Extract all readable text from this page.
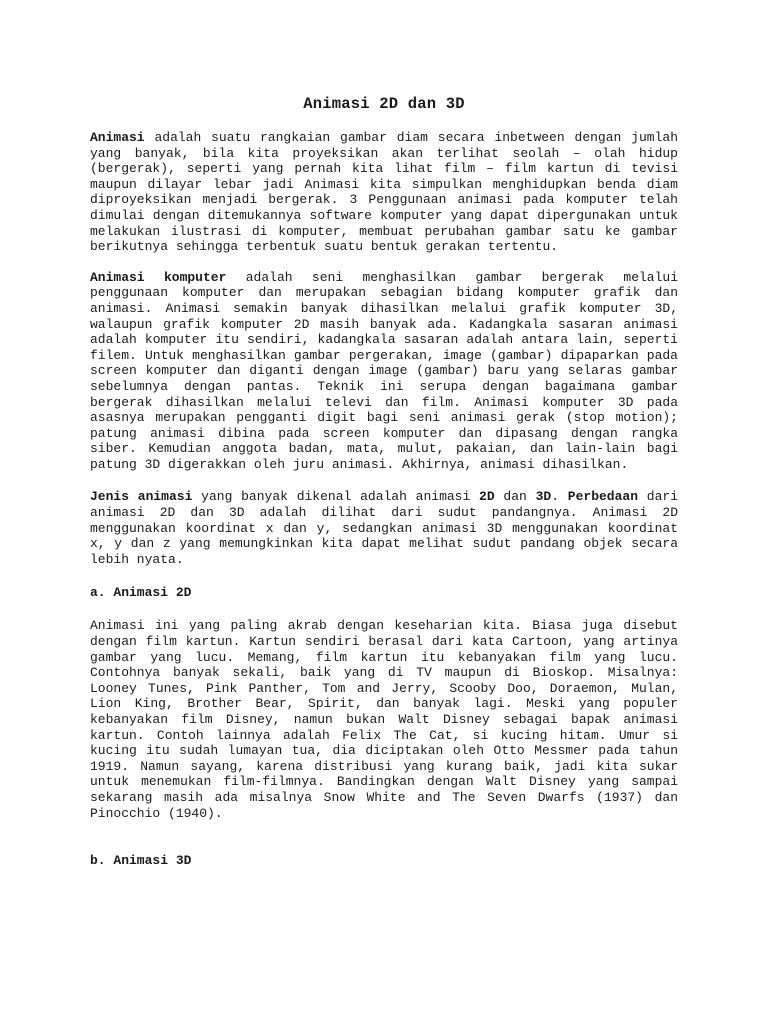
Animasi 2D dan 3D

Animasi adalah suatu rangkaian gambar diam secara inbetween dengan jumlah yang banyak, bila kita proyeksikan akan terlihat seolah – olah hidup (bergerak), seperti yang pernah kita lihat film – film kartun di tevisi maupun dilayar lebar jadi Animasi kita simpulkan menghidupkan benda diam diproyeksikan menjadi bergerak. 3 Penggunaan animasi pada komputer telah dimulai dengan ditemukannya software komputer yang dapat dipergunakan untuk melakukan ilustrasi di komputer, membuat perubahan gambar satu ke gambar berikutnya sehingga terbentuk suatu bentuk gerakan tertentu.

Animasi komputer adalah seni menghasilkan gambar bergerak melalui penggunaan komputer dan merupakan sebagian bidang komputer grafik dan animasi. Animasi semakin banyak dihasilkan melalui grafik komputer 3D, walaupun grafik komputer 2D masih banyak ada. Kadangkala sasaran animasi adalah komputer itu sendiri, kadangkala sasaran adalah antara lain, seperti filem. Untuk menghasilkan gambar pergerakan, image (gambar) dipaparkan pada screen komputer dan diganti dengan image (gambar) baru yang selaras gambar sebelumnya dengan pantas. Teknik ini serupa dengan bagaimana gambar bergerak dihasilkan melalui televi dan film. Animasi komputer 3D pada asasnya merupakan pengganti digit bagi seni animasi gerak (stop motion); patung animasi dibina pada screen komputer dan dipasang dengan rangka siber. Kemudian anggota badan, mata, mulut, pakaian, dan lain-lain bagi patung 3D digerakkan oleh juru animasi. Akhirnya, animasi dihasilkan.

Jenis animasi yang banyak dikenal adalah animasi 2D dan 3D. Perbedaan dari animasi 2D dan 3D adalah dilihat dari sudut pandangnya. Animasi 2D menggunakan koordinat x dan y, sedangkan animasi 3D menggunakan koordinat x, y dan z yang memungkinkan kita dapat melihat sudut pandang objek secara lebih nyata.

a. Animasi 2D

Animasi ini yang paling akrab dengan keseharian kita. Biasa juga disebut dengan film kartun. Kartun sendiri berasal dari kata Cartoon, yang artinya gambar yang lucu. Memang, film kartun itu kebanyakan film yang lucu. Contohnya banyak sekali, baik yang di TV maupun di Bioskop. Misalnya: Looney Tunes, Pink Panther, Tom and Jerry, Scooby Doo, Doraemon, Mulan, Lion King, Brother Bear, Spirit, dan banyak lagi. Meski yang populer kebanyakan film Disney, namun bukan Walt Disney sebagai bapak animasi kartun. Contoh lainnya adalah Felix The Cat, si kucing hitam. Umur si kucing itu sudah lumayan tua, dia diciptakan oleh Otto Messmer pada tahun 1919. Namun sayang, karena distribusi yang kurang baik, jadi kita sukar untuk menemukan film-filmnya. Bandingkan dengan Walt Disney yang sampai sekarang masih ada misalnya Snow White and The Seven Dwarfs (1937) dan Pinocchio (1940).

b. Animasi 3D
